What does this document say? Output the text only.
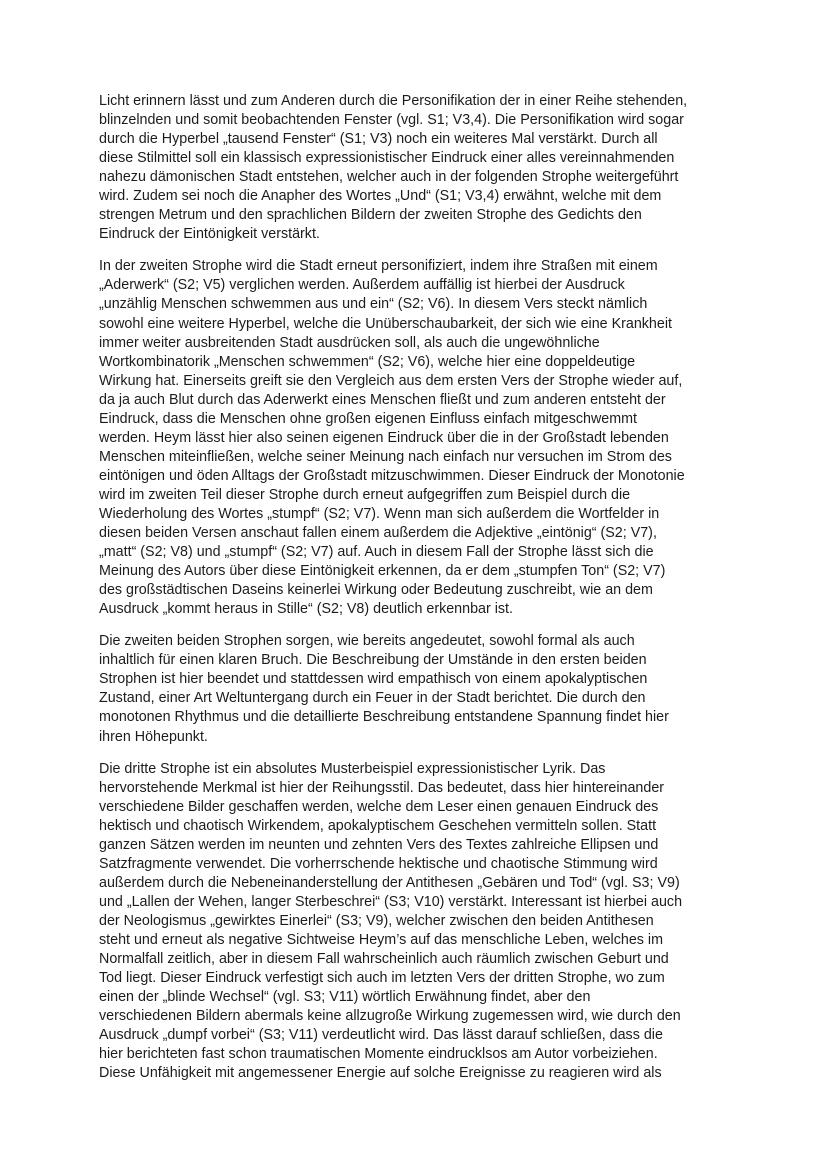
Licht erinnern lässt und zum Anderen durch die Personifikation der in einer Reihe stehenden,
blinzelnden und somit beobachtenden Fenster (vgl. S1; V3,4). Die Personifikation wird sogar
durch die Hyperbel „tausend Fenster“ (S1; V3) noch ein weiteres Mal verstärkt. Durch all
diese Stilmittel soll ein klassisch expressionistischer Eindruck einer alles vereinnahmenden
nahezu dämonischen Stadt entstehen, welcher auch in der folgenden Strophe weitergeführt
wird. Zudem sei noch die Anapher des Wortes „Und“ (S1; V3,4) erwähnt, welche mit dem
strengen Metrum und den sprachlichen Bildern der zweiten Strophe des Gedichts den
Eindruck der Eintönigkeit verstärkt.

In der zweiten Strophe wird die Stadt erneut personifiziert, indem ihre Straßen mit einem
„Aderwerk“ (S2; V5) verglichen werden. Außerdem auffällig ist hierbei der Ausdruck
„unzählig Menschen schwemmen aus und ein“ (S2; V6). In diesem Vers steckt nämlich
sowohl eine weitere Hyperbel, welche die Unüberschaubarkeit, der sich wie eine Krankheit
immer weiter ausbreitenden Stadt ausdrücken soll, als auch die ungewöhnliche
Wortkombinatorik „Menschen schwemmen“ (S2; V6), welche hier eine doppeldeutige
Wirkung hat. Einerseits greift sie den Vergleich aus dem ersten Vers der Strophe wieder auf,
da ja auch Blut durch das Aderwerkt eines Menschen fließt und zum anderen entsteht der
Eindruck, dass die Menschen ohne großen eigenen Einfluss einfach mitgeschwemmt
werden. Heym lässt hier also seinen eigenen Eindruck über die in der Großstadt lebenden
Menschen miteinfließen, welche seiner Meinung nach einfach nur versuchen im Strom des
eintönigen und öden Alltags der Großstadt mitzuschwimmen. Dieser Eindruck der Monotonie
wird im zweiten Teil dieser Strophe durch erneut aufgegriffen zum Beispiel durch die
Wiederholung des Wortes „stumpf“ (S2; V7). Wenn man sich außerdem die Wortfelder in
diesen beiden Versen anschaut fallen einem außerdem die Adjektive „eintönig“ (S2; V7),
„matt“ (S2; V8) und „stumpf“ (S2; V7) auf. Auch in diesem Fall der Strophe lässt sich die
Meinung des Autors über diese Eintönigkeit erkennen, da er dem „stumpfen Ton“ (S2; V7)
des großstädtischen Daseins keinerlei Wirkung oder Bedeutung zuschreibt, wie an dem
Ausdruck „kommt heraus in Stille“ (S2; V8) deutlich erkennbar ist.

Die zweiten beiden Strophen sorgen, wie bereits angedeutet, sowohl formal als auch
inhaltlich für einen klaren Bruch. Die Beschreibung der Umstände in den ersten beiden
Strophen ist hier beendet und stattdessen wird empathisch von einem apokalyptischen
Zustand, einer Art Weltuntergang durch ein Feuer in der Stadt berichtet. Die durch den
monotonen Rhythmus und die detaillierte Beschreibung entstandene Spannung findet hier
ihren Höhepunkt.

Die dritte Strophe ist ein absolutes Musterbeispiel expressionistischer Lyrik. Das
hervorstehende Merkmal ist hier der Reihungsstil. Das bedeutet, dass hier hintereinander
verschiedene Bilder geschaffen werden, welche dem Leser einen genauen Eindruck des
hektisch und chaotisch Wirkendem, apokalyptischem Geschehen vermitteln sollen. Statt
ganzen Sätzen werden im neunten und zehnten Vers des Textes zahlreiche Ellipsen und
Satzfragmente verwendet. Die vorherrschende hektische und chaotische Stimmung wird
außerdem durch die Nebeneinanderstellung der Antithesen „Gebären und Tod“ (vgl. S3; V9)
und „Lallen der Wehen, langer Sterbeschrei“ (S3; V10) verstärkt. Interessant ist hierbei auch
der Neologismus „gewirktes Einerlei“ (S3; V9), welcher zwischen den beiden Antithesen
steht und erneut als negative Sichtweise Heym’s auf das menschliche Leben, welches im
Normalfall zeitlich, aber in diesem Fall wahrscheinlich auch räumlich zwischen Geburt und
Tod liegt. Dieser Eindruck verfestigt sich auch im letzten Vers der dritten Strophe, wo zum
einen der „blinde Wechsel“ (vgl. S3; V11) wörtlich Erwähnung findet, aber den
verschiedenen Bildern abermals keine allzugroße Wirkung zugemessen wird, wie durch den
Ausdruck „dumpf vorbei“ (S3; V11) verdeutlicht wird. Das lässt darauf schließen, dass die
hier berichteten fast schon traumatischen Momente eindrucklsos am Autor vorbeiziehen.
Diese Unfähigkeit mit angemessener Energie auf solche Ereignisse zu reagieren wird als
